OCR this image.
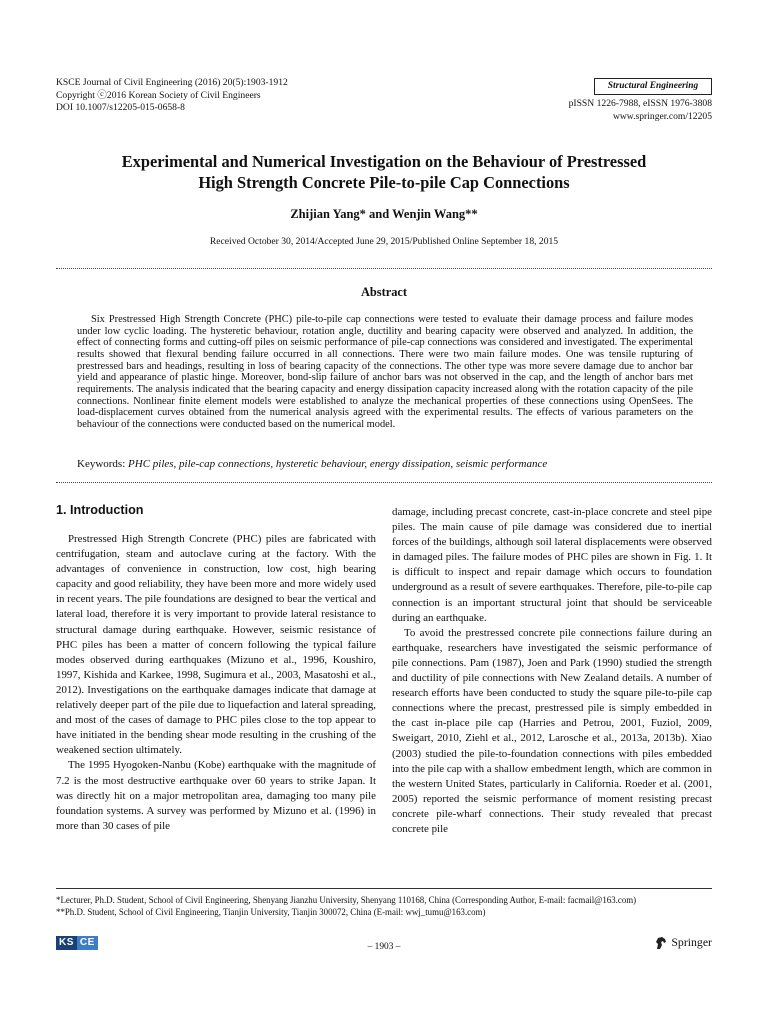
KSCE Journal of Civil Engineering (2016) 20(5):1903-1912
Copyright ⓒ2016 Korean Society of Civil Engineers
DOI 10.1007/s12205-015-0658-8
Structural Engineering
pISSN 1226-7988, eISSN 1976-3808
www.springer.com/12205
Experimental and Numerical Investigation on the Behaviour of Prestressed
High Strength Concrete Pile-to-pile Cap Connections
Zhijian Yang* and Wenjin Wang**
Received October 30, 2014/Accepted June 29, 2015/Published Online September 18, 2015
Abstract

Six Prestressed High Strength Concrete (PHC) pile-to-pile cap connections were tested to evaluate their damage process and failure modes under low cyclic loading. The hysteretic behaviour, rotation angle, ductility and bearing capacity were observed and analyzed. In addition, the effect of connecting forms and cutting-off piles on seismic performance of pile-cap connections was considered and investigated. The experimental results showed that flexural bending failure occurred in all connections. There were two main failure modes. One was tensile rupturing of prestressed bars and headings, resulting in loss of bearing capacity of the connections. The other type was more severe damage due to anchor bar yield and appearance of plastic hinge. Moreover, bond-slip failure of anchor bars was not observed in the cap, and the length of anchor bars met requirements. The analysis indicated that the bearing capacity and energy dissipation capacity increased along with the rotation capacity of the pile connections. Nonlinear finite element models were established to analyze the mechanical properties of these connections using OpenSees. The load-displacement curves obtained from the numerical analysis agreed with the experimental results. The effects of various parameters on the behaviour of the connections were conducted based on the numerical model.

Keywords: PHC piles, pile-cap connections, hysteretic behaviour, energy dissipation, seismic performance
1. Introduction

Prestressed High Strength Concrete (PHC) piles are fabricated with centrifugation, steam and autoclave curing at the factory. With the advantages of convenience in construction, low cost, high bearing capacity and good reliability, they have been more and more widely used in recent years. The pile foundations are designed to bear the vertical and lateral load, therefore it is very important to provide lateral resistance to structural damage during earthquake. However, seismic resistance of PHC piles has been a matter of concern following the typical failure modes observed during earthquakes (Mizuno et al., 1996, Koushiro, 1997, Kishida and Karkee, 1998, Sugimura et al., 2003, Masatoshi et al., 2012). Investigations on the earthquake damages indicate that damage at relatively deeper part of the pile due to liquefaction and lateral spreading, and most of the cases of damage to PHC piles close to the top appear to have initiated in the bending shear mode resulting in the crushing of the weakened section ultimately.

The 1995 Hyogoken-Nanbu (Kobe) earthquake with the magnitude of 7.2 is the most destructive earthquake over 60 years to strike Japan. It was directly hit on a major metropolitan area, damaging too many pile foundation systems. A survey was performed by Mizuno et al. (1996) in more than 30 cases of pile

damage, including precast concrete, cast-in-place concrete and steel pipe piles. The main cause of pile damage was considered due to inertial forces of the buildings, although soil lateral displacements were observed in damaged piles. The failure modes of PHC piles are shown in Fig. 1. It is difficult to inspect and repair damage which occurs to foundation underground as a result of severe earthquakes. Therefore, pile-to-pile cap connection is an important structural joint that should be serviceable during an earthquake.

To avoid the prestressed concrete pile connections failure during an earthquake, researchers have investigated the seismic performance of pile connections. Pam (1987), Joen and Park (1990) studied the strength and ductility of pile connections with New Zealand details. A number of research efforts have been conducted to study the square pile-to-pile cap connections where the precast, prestressed pile is simply embedded in the cast in-place pile cap (Harries and Petrou, 2001, Fuziol, 2009, Sweigart, 2010, Ziehl et al., 2012, Larosche et al., 2013a, 2013b). Xiao (2003) studied the pile-to-foundation connections with piles embedded into the pile cap with a shallow embedment length, which are common in the western United States, particularly in California. Roeder et al. (2001, 2005) reported the seismic performance of moment resisting precast concrete pile-wharf connections. Their study revealed that precast concrete pile

*Lecturer, Ph.D. Student, School of Civil Engineering, Shenyang Jianzhu University, Shenyang 110168, China (Corresponding Author, E-mail: facmail@163.com)
**Ph.D. Student, School of Civil Engineering, Tianjin University, Tianjin 300072, China (E-mail: wwj_tumu@163.com)
KS CE	– 1903 –	Springer
